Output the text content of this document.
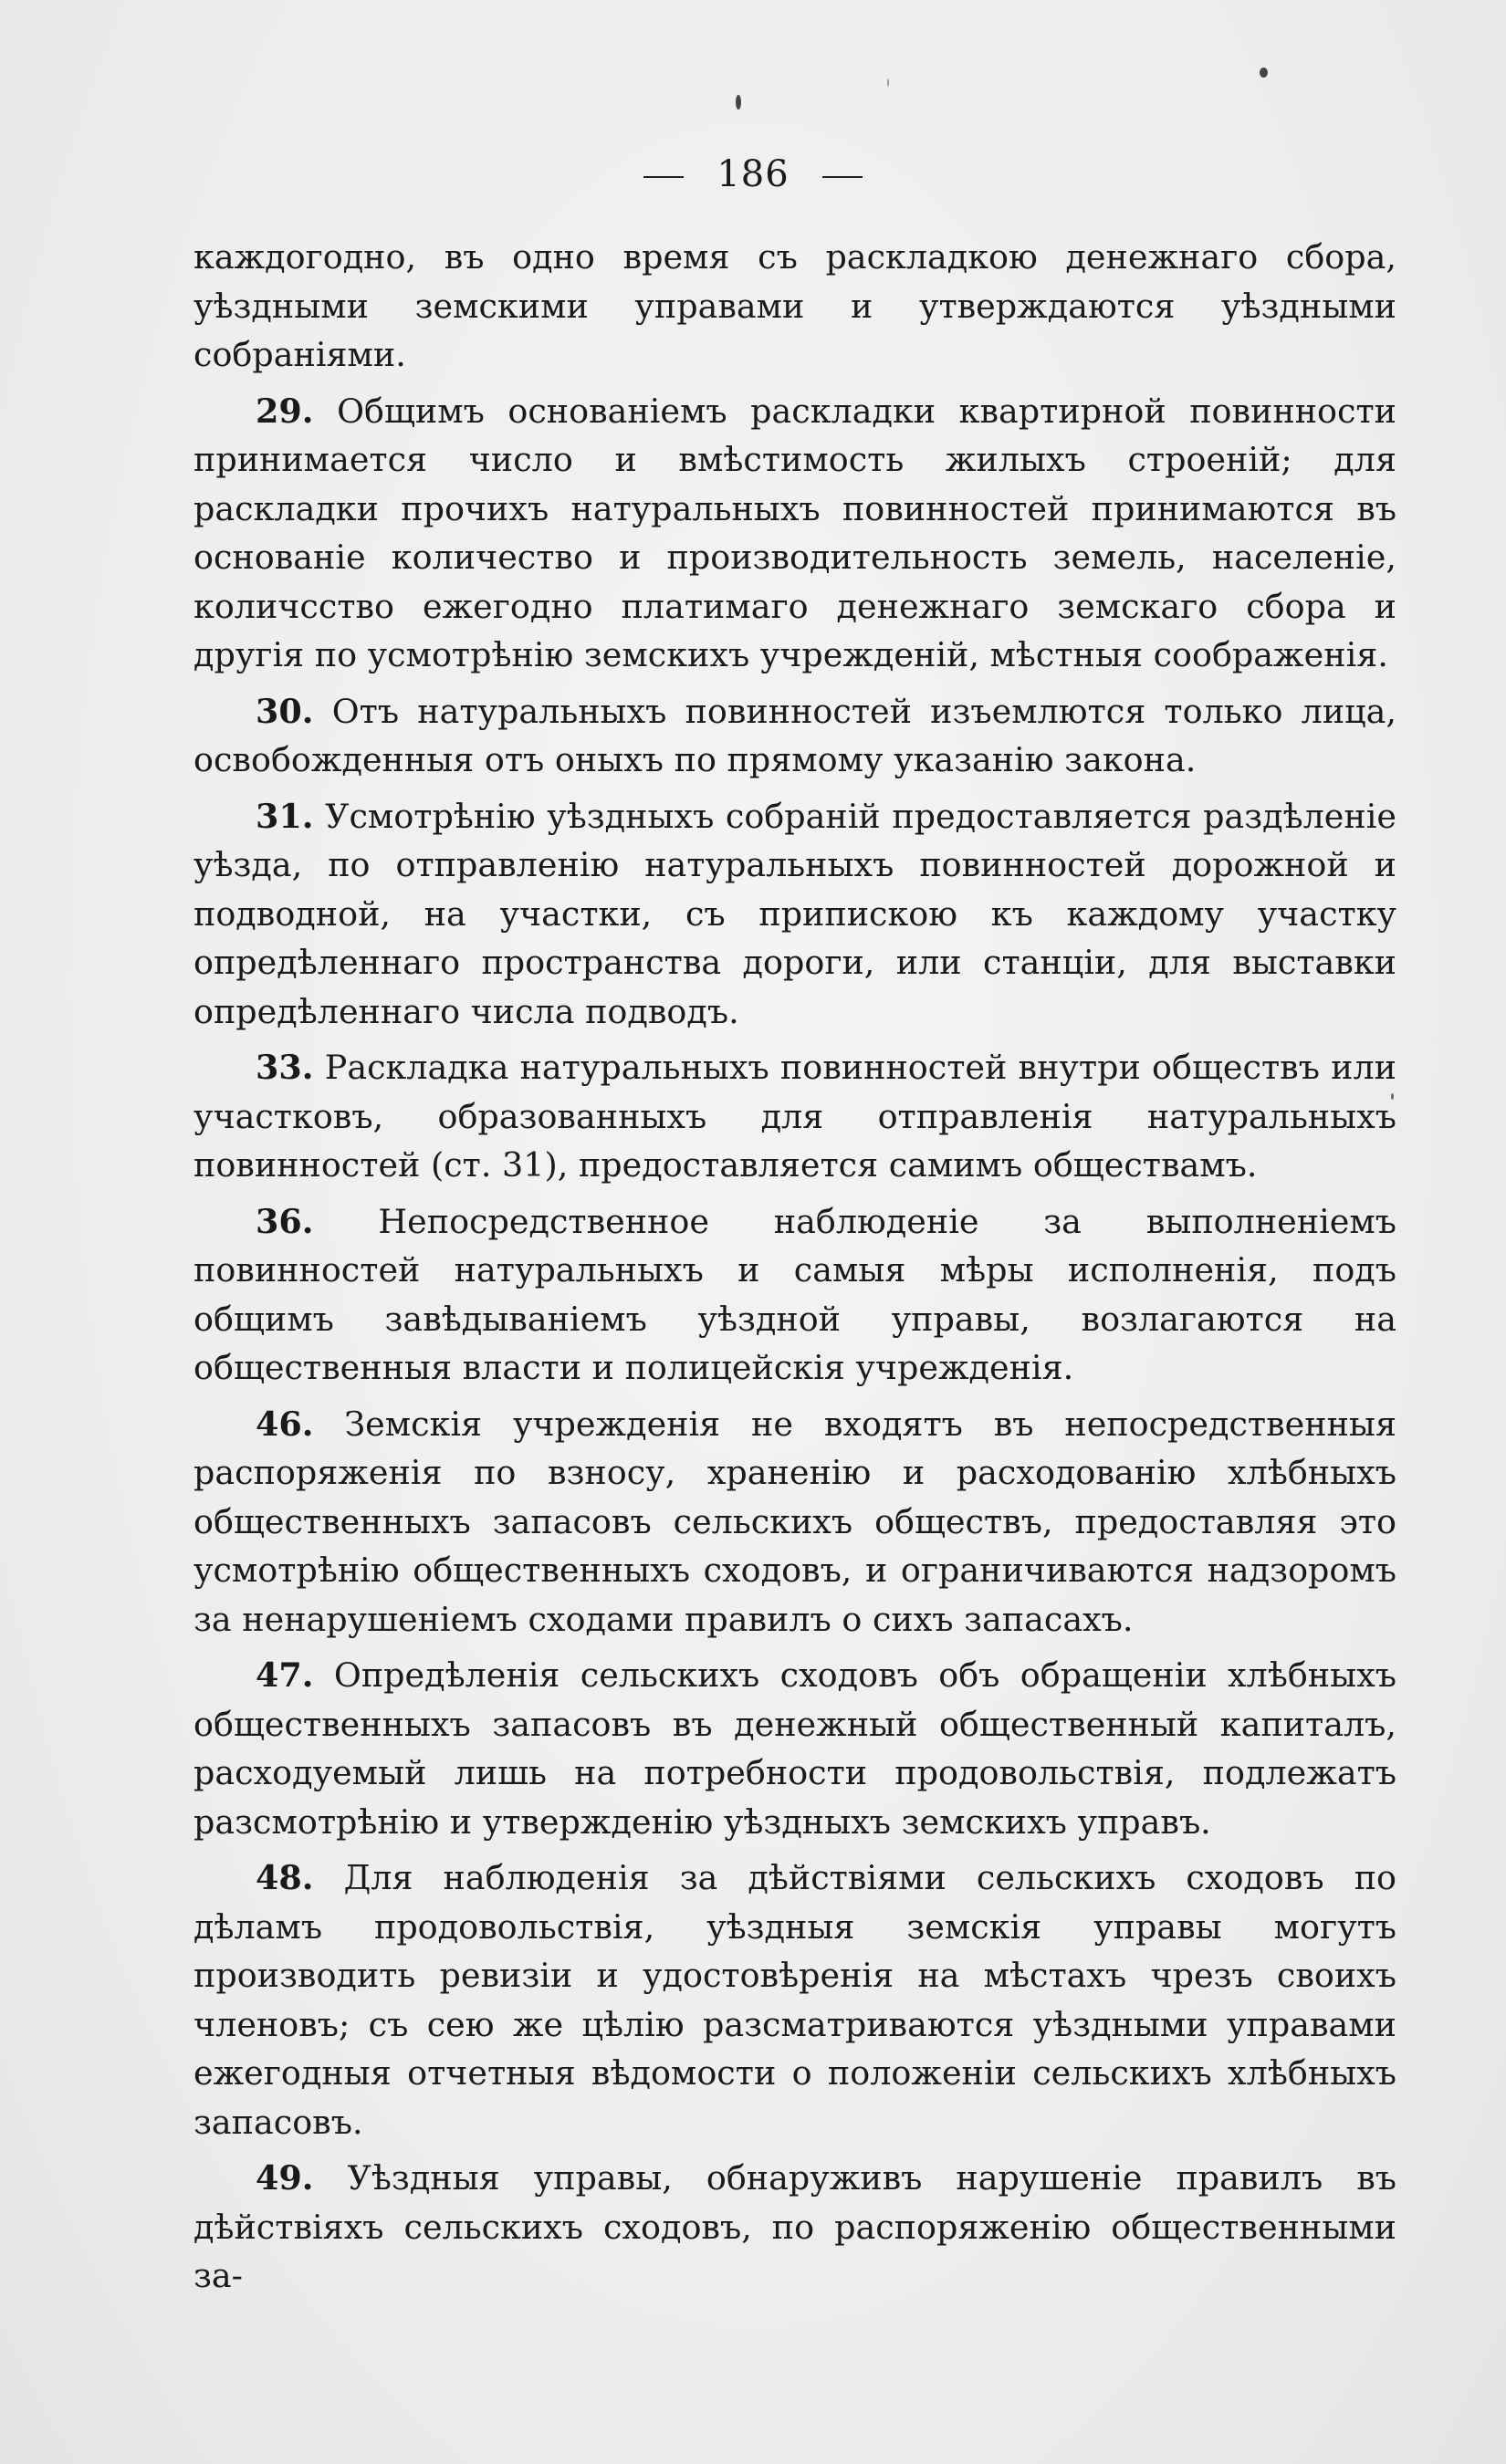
186

каждогодно, въ одно время съ раскладкою денежнаго сбора, уѣздными земскими управами и утверждаются уѣздными собраніями.

29. Общимъ основаніемъ раскладки квартирной повинности принимается число и вмѣстимость жилыхъ строеній; для раскладки прочихъ натуральныхъ повинностей принимаются въ основаніе количество и производительность земель, населеніе, количсство ежегодно платимаго денежнаго земскаго сбора и другія по усмотрѣнію земскихъ учрежденій, мѣстныя соображенія.

30. Отъ натуральныхъ повинностей изъемлются только лица, освобожденныя отъ оныхъ по прямому указанію закона.

31. Усмотрѣнію уѣздныхъ собраній предоставляется раздѣленіе уѣзда, по отправленію натуральныхъ повинностей дорожной и подводной, на участки, съ припискою къ каждому участку опредѣленнаго пространства дороги, или станціи, для выставки опредѣленнаго числа подводъ.

33. Раскладка натуральныхъ повинностей внутри обществъ или участковъ, образованныхъ для отправленія натуральныхъ повинностей (ст. 31), предоставляется самимъ обществамъ.

36. Непосредственное наблюденіе за выполненіемъ повинностей натуральныхъ и самыя мѣры исполненія, подъ общимъ завѣдываніемъ уѣздной управы, возлагаются на общественныя власти и полицейскія учрежденія.

46. Земскія учрежденія не входятъ въ непосредственныя распоряженія по взносу, храненію и расходованію хлѣбныхъ общественныхъ запасовъ сельскихъ обществъ, предоставляя это усмотрѣнію общественныхъ сходовъ, и ограничиваются надзоромъ за ненарушеніемъ сходами правилъ о сихъ запасахъ.

47. Опредѣленія сельскихъ сходовъ объ обращеніи хлѣбныхъ общественныхъ запасовъ въ денежный общественный капиталъ, расходуемый лишь на потребности продовольствія, подлежатъ разсмотрѣнію и утвержденію уѣздныхъ земскихъ управъ.

48. Для наблюденія за дѣйствіями сельскихъ сходовъ по дѣламъ продовольствія, уѣздныя земскія управы могутъ производить ревизіи и удостовѣренія на мѣстахъ чрезъ своихъ членовъ; съ сею же цѣлію разсматриваются уѣздными управами ежегодныя отчетныя вѣдомости о положеніи сельскихъ хлѣбныхъ запасовъ.

49. Уѣздныя управы, обнаруживъ нарушеніе правилъ въ дѣйствіяхъ сельскихъ сходовъ, по распоряженію общественными за-
